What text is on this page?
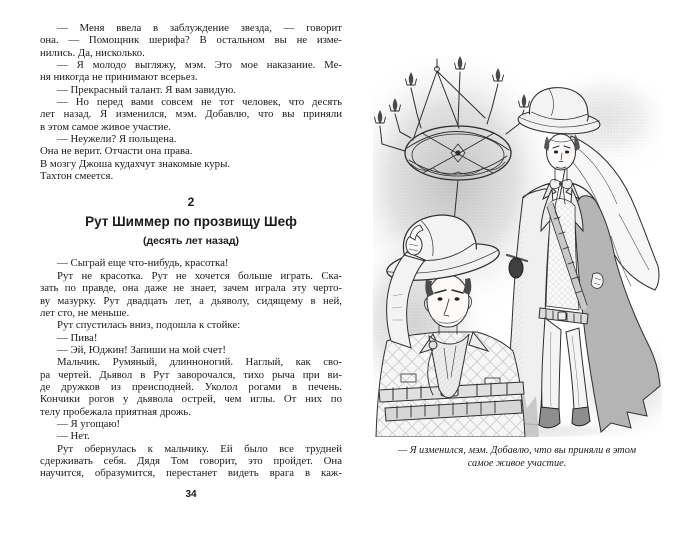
— Меня ввела в заблуждение звезда, — говорит
она. — Помощник шерифа? В остальном вы не изме-
нились. Да, нисколько.
— Я молодо выгляжу, мэм. Это мое наказание. Ме-
ня никогда не принимают всерьез.
— Прекрасный талант. Я вам завидую.
— Но перед вами совсем не тот человек, что десять
лет назад. Я изменился, мэм. Добавлю, что вы приняли
в этом самое живое участие.
— Неужели? Я польщена.
Она не верит. Отчасти она права.
В мозгу Джоша кудахчут знакомые куры.
Тахтон смеется.
2
Рут Шиммер по прозвищу Шеф
(десять лет назад)
— Сыграй еще что-нибудь, красотка!
Рут не красотка. Рут не хочется больше играть. Ска-
зать по правде, она даже не знает, зачем играла эту черто-
ву мазурку. Рут двадцать лет, а дьяволу, сидящему в ней,
лет сто, не меньше.
Рут спустилась вниз, подошла к стойке:
— Пива!
— Эй, Юджин! Запиши на мой счет!
Мальчик. Румяный, длинноногий. Наглый, как сво-
ра чертей. Дьявол в Рут заворочался, тихо рыча при ви-
де дружков из преисподней. Уколол рогами в печень.
Кончики рогов у дьявола острей, чем иглы. От них по
телу пробежала приятная дрожь.
— Я угощаю!
— Нет.
Рут обернулась к мальчику. Ей было все трудней
сдерживать себя. Дядя Том говорит, это пройдет. Она
научится, образумится, перестанет видеть врага в каж-
34
— Я изменился, мэм. Добавлю, что вы приняли в этом
самое живое участие.
